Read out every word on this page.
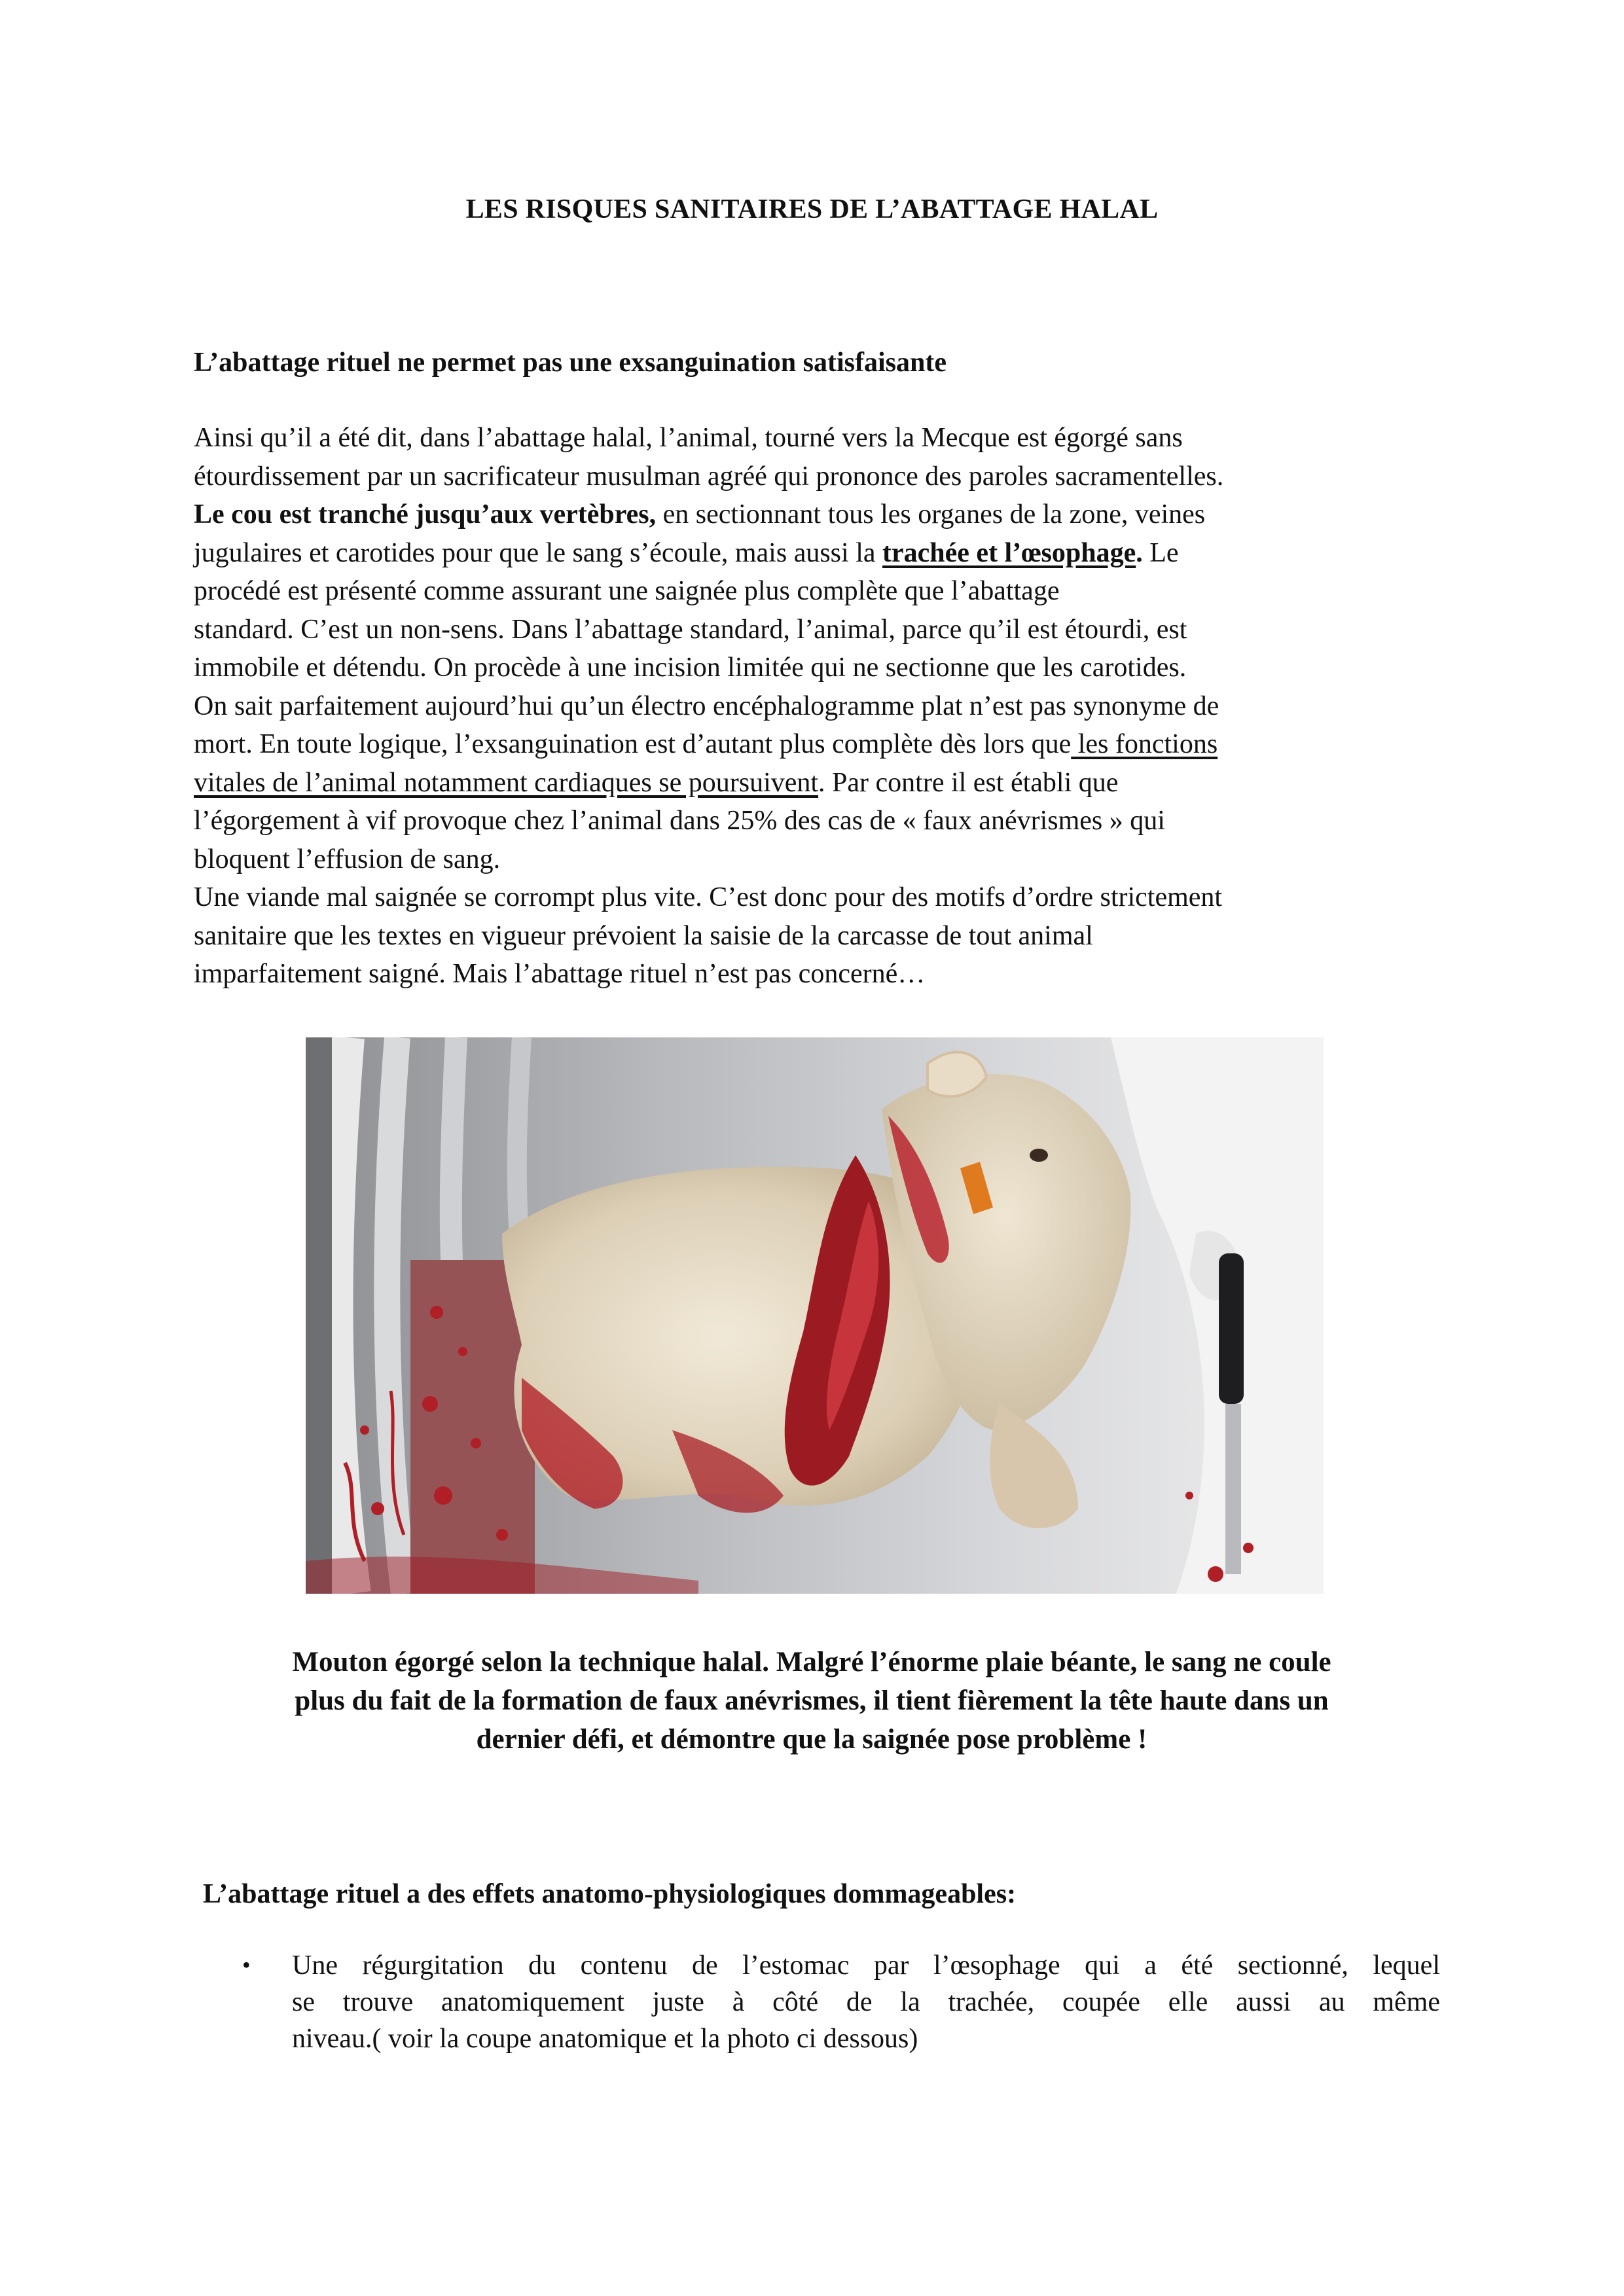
LES RISQUES SANITAIRES DE L’ABATTAGE HALAL
L’abattage rituel ne permet pas une exsanguination satisfaisante
Ainsi qu’il a été dit, dans l’abattage halal, l’animal, tourné vers la Mecque est égorgé sans
étourdissement par un sacrificateur musulman agréé qui prononce des paroles sacramentelles.
Le cou est tranché jusqu’aux vertèbres, en sectionnant tous les organes de la zone, veines
jugulaires et carotides pour que le sang s’écoule, mais aussi la trachée et l’œsophage. Le
procédé est présenté comme assurant une saignée plus complète que l’abattage
standard. C’est un non-sens. Dans l’abattage standard, l’animal, parce qu’il est étourdi, est
immobile et détendu. On procède à une incision limitée qui ne sectionne que les carotides.
On sait parfaitement aujourd’hui qu’un électro encéphalogramme plat n’est pas synonyme de
mort. En toute logique, l’exsanguination est d’autant plus complète dès lors que les fonctions
vitales de l’animal notamment cardiaques se poursuivent. Par contre il est établi que
l’égorgement à vif provoque chez l’animal dans 25% des cas de « faux anévrismes » qui
bloquent l’effusion de sang.
Une viande mal saignée se corrompt plus vite. C’est donc pour des motifs d’ordre strictement
sanitaire que les textes en vigueur prévoient la saisie de la carcasse de tout animal
imparfaitement saigné. Mais l’abattage rituel n’est pas concerné…
Mouton égorgé selon la technique halal. Malgré l’énorme plaie béante, le sang ne coule
plus du fait de la formation de faux anévrismes, il tient fièrement la tête haute dans un
dernier défi, et démontre que la saignée pose problème !
L’abattage rituel a des effets anatomo-physiologiques dommageables:
• Une régurgitation du contenu de l’estomac par l’œsophage qui a été sectionné, lequel
se trouve anatomiquement juste à côté de la trachée, coupée elle aussi au même
niveau.( voir la coupe anatomique et la photo ci dessous)
